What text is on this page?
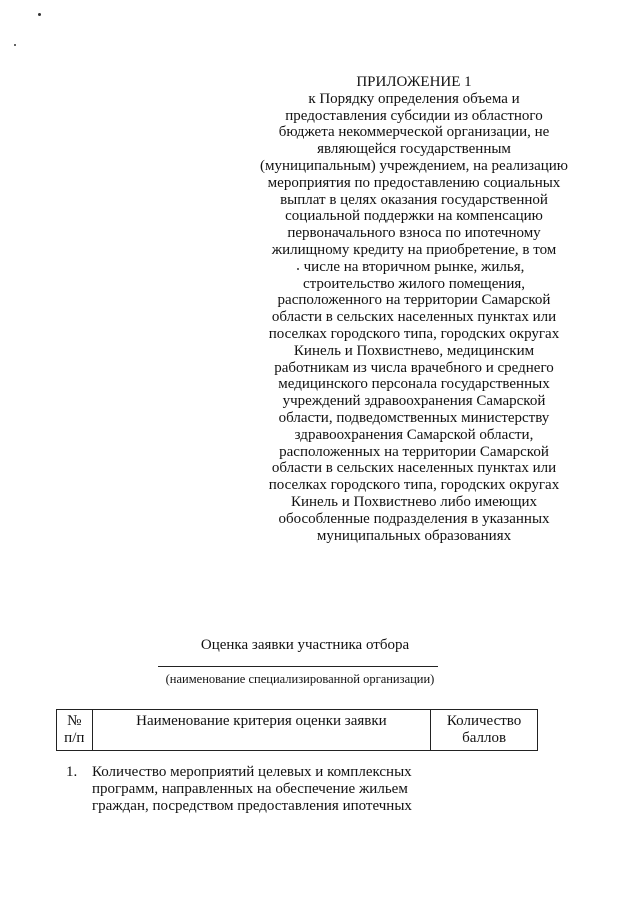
ПРИЛОЖЕНИЕ 1
к Порядку определения объема и
предоставления субсидии из областного
бюджета некоммерческой организации, не
являющейся государственным
(муниципальным) учреждением, на реализацию
мероприятия по предоставлению социальных
выплат в целях оказания государственной
социальной поддержки на компенсацию
первоначального взноса по ипотечному
жилищному кредиту на приобретение, в том
числе на вторичном рынке, жилья,
строительство жилого помещения,
расположенного на территории Самарской
области в сельских населенных пунктах или
поселках городского типа, городских округах
Кинель и Похвистнево, медицинским
работникам из числа врачебного и среднего
медицинского персонала государственных
учреждений здравоохранения Самарской
области, подведомственных министерству
здравоохранения Самарской области,
расположенных на территории Самарской
области в сельских населенных пунктах или
поселках городского типа, городских округах
Кинель и Похвистнево либо имеющих
обособленные подразделения в указанных
муниципальных образованиях
Оценка заявки участника отбора
(наименование специализированной организации)
№
п/п	Наименование критерия оценки заявки	Количество
баллов
1. Количество мероприятий целевых и комплексных
программ, направленных на обеспечение жильем
граждан, посредством предоставления ипотечных
